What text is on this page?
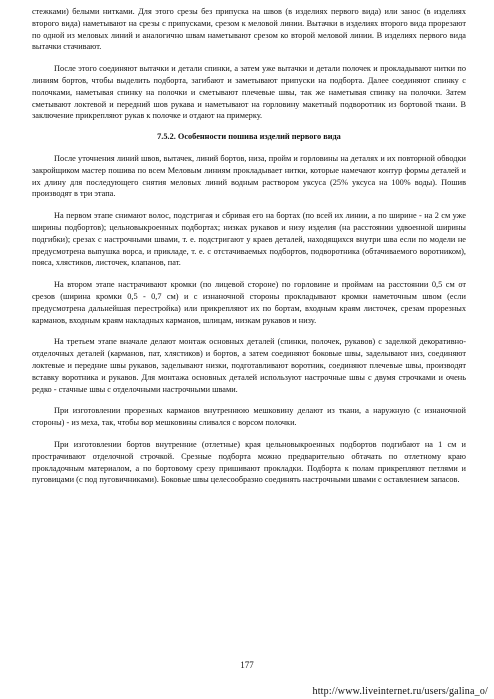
стежками) белыми нитками. Для этого срезы без припуска на швов (в изделиях первого вида) или занос (в изделиях второго вида) наметывают на срезы с припусками, срезом к меловой линии. Вытачки в изделиях второго вида прорезают по одной из меловых линий и аналогично швам наметывают срезом ко второй меловой линии. В изделиях первого вида вытачки стачивают.

После этого соединяют вытачки и детали спинки, а затем уже вытачки и детали полочек и прокладывают нитки по линиям бортов, чтобы выделить подборта, загибают и заметывают припуски на подборта. Далее соединяют спинку с полочками, наметывая спинку на полочки и сметывают плечевые швы, так же наметывая спинку на полочки. Затем сметывают локтевой и передний шов рукава и наметывают на горловину макетный подворотник из бортовой ткани. В заключение прикрепляют рукав к полочке и отдают на примерку.

7.5.2. Особенности пошива изделий первого вида

После уточнения линий швов, вытачек, линий бортов, низа, пройм и горловины на деталях и их повторной обводки закройщиком мастер пошива по всем Меловым линиям прокладывает нитки, которые намечают контур формы деталей и их длину для последующего снятия меловых линий водным раствором уксуса (25% уксуса на 100% воды). Пошив производят в три этапа.

На первом этапе снимают волос, подстригая и сбривая его на бортах (по всей их линии, а по ширине - на 2 см уже ширины подбортов); цельновыкроенных подбортах; низках рукавов и низу изделия (на расстоянии удвоенной ширины подгибки); срезах с настрочными швами, т. е. подстригают у краев деталей, находящихся внутри шва если по модели не предусмотрена выпушка ворса, и прикладе, т. е. с отстачиваемых подбортов, подворотника (обтачиваемого воротником), пояса, хлястиков, листочек, клапанов, пат.

На втором этапе настрачивают кромки (по лицевой стороне) по горловине и проймам на расстоянии 0,5 см от срезов (ширина кромки 0,5 - 0,7 см) и с изнаночной стороны прокладывают кромки наметочным швом (если предусмотрена дальнейшая перестройка) или прикрепляют их по бортам, входным краям листочек, срезам прорезных карманов, входным краям накладных карманов, шлицам, низкам рукавов и низу.

На третьем этапе вначале делают монтаж основных деталей (спинки, полочек, рукавов) с заделкой декоративно-отделочных деталей (карманов, пат, хлястиков) и бортов, а затем соединяют боковые швы, заделывают низ, соединяют локтевые и передние швы рукавов, заделывают низки, подготавливают воротник, соединяют плечевые швы, производят вставку воротника и рукавов. Для монтажа основных деталей используют настрочные швы с двумя строчками и очень редко - стачные швы с отделочными настрочными швами.

При изготовлении прорезных карманов внутреннюю мешковину делают из ткани, а наружную (с изнаночной стороны) - из меха, так, чтобы вор мешковины сливался с ворсом полочки.

При изготовлении бортов внутренние (отлетные) края цельновыкроенных подбортов подгибают на 1 см и прострачивают отделочной строчкой. Срезные подборта можно предварительно обтачать по отлетному краю прокладочным материалом, а по бортовому срезу пришивают прокладки. Подборта к полам прикрепляют петлями и пуговицами (с под пуговичниками). Боковые швы целесообразно соединять настрочными швами с оставлением запасов.

177
http://www.liveinternet.ru/users/galina_o/
